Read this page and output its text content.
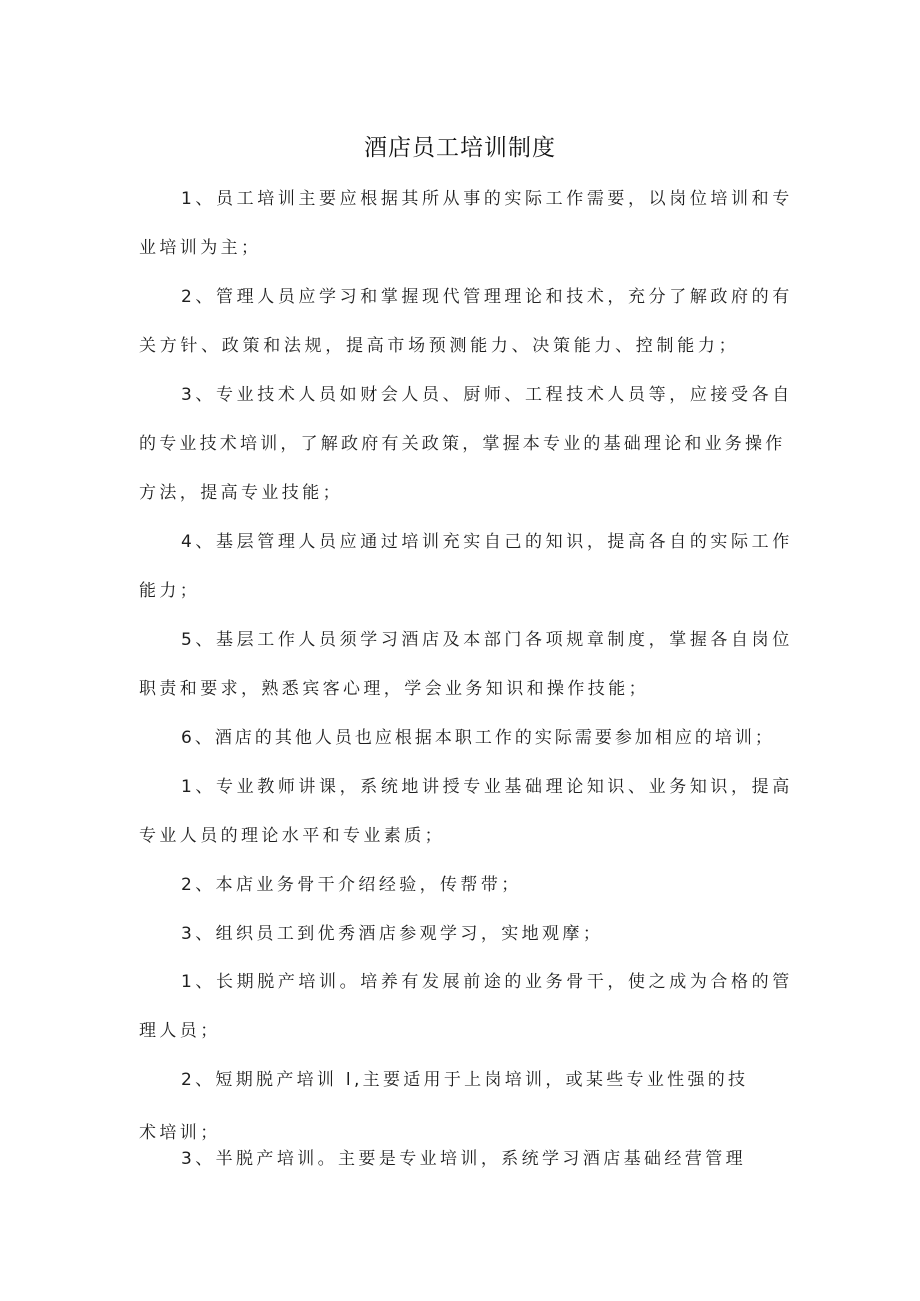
酒店员工培训制度
1、员工培训主要应根据其所从事的实际工作需要，以岗位培训和专
业培训为主；
2、管理人员应学习和掌握现代管理理论和技术，充分了解政府的有
关方针、政策和法规，提高市场预测能力、决策能力、控制能力；
3、专业技术人员如财会人员、厨师、工程技术人员等，应接受各自
的专业技术培训，了解政府有关政策，掌握本专业的基础理论和业务操作
方法，提高专业技能；
4、基层管理人员应通过培训充实自己的知识，提高各自的实际工作
能力；
5、基层工作人员须学习酒店及本部门各项规章制度，掌握各自岗位
职责和要求，熟悉宾客心理，学会业务知识和操作技能；
6、酒店的其他人员也应根据本职工作的实际需要参加相应的培训；
1、专业教师讲课，系统地讲授专业基础理论知识、业务知识，提高
专业人员的理论水平和专业素质；
2、本店业务骨干介绍经验，传帮带；
3、组织员工到优秀酒店参观学习，实地观摩；
1、长期脱产培训。培养有发展前途的业务骨干，使之成为合格的管
理人员；
2、短期脱产培训 l,主要适用于上岗培训，或某些专业性强的技
术培训；
3、半脱产培训。主要是专业培训，系统学习酒店基础经营管理
